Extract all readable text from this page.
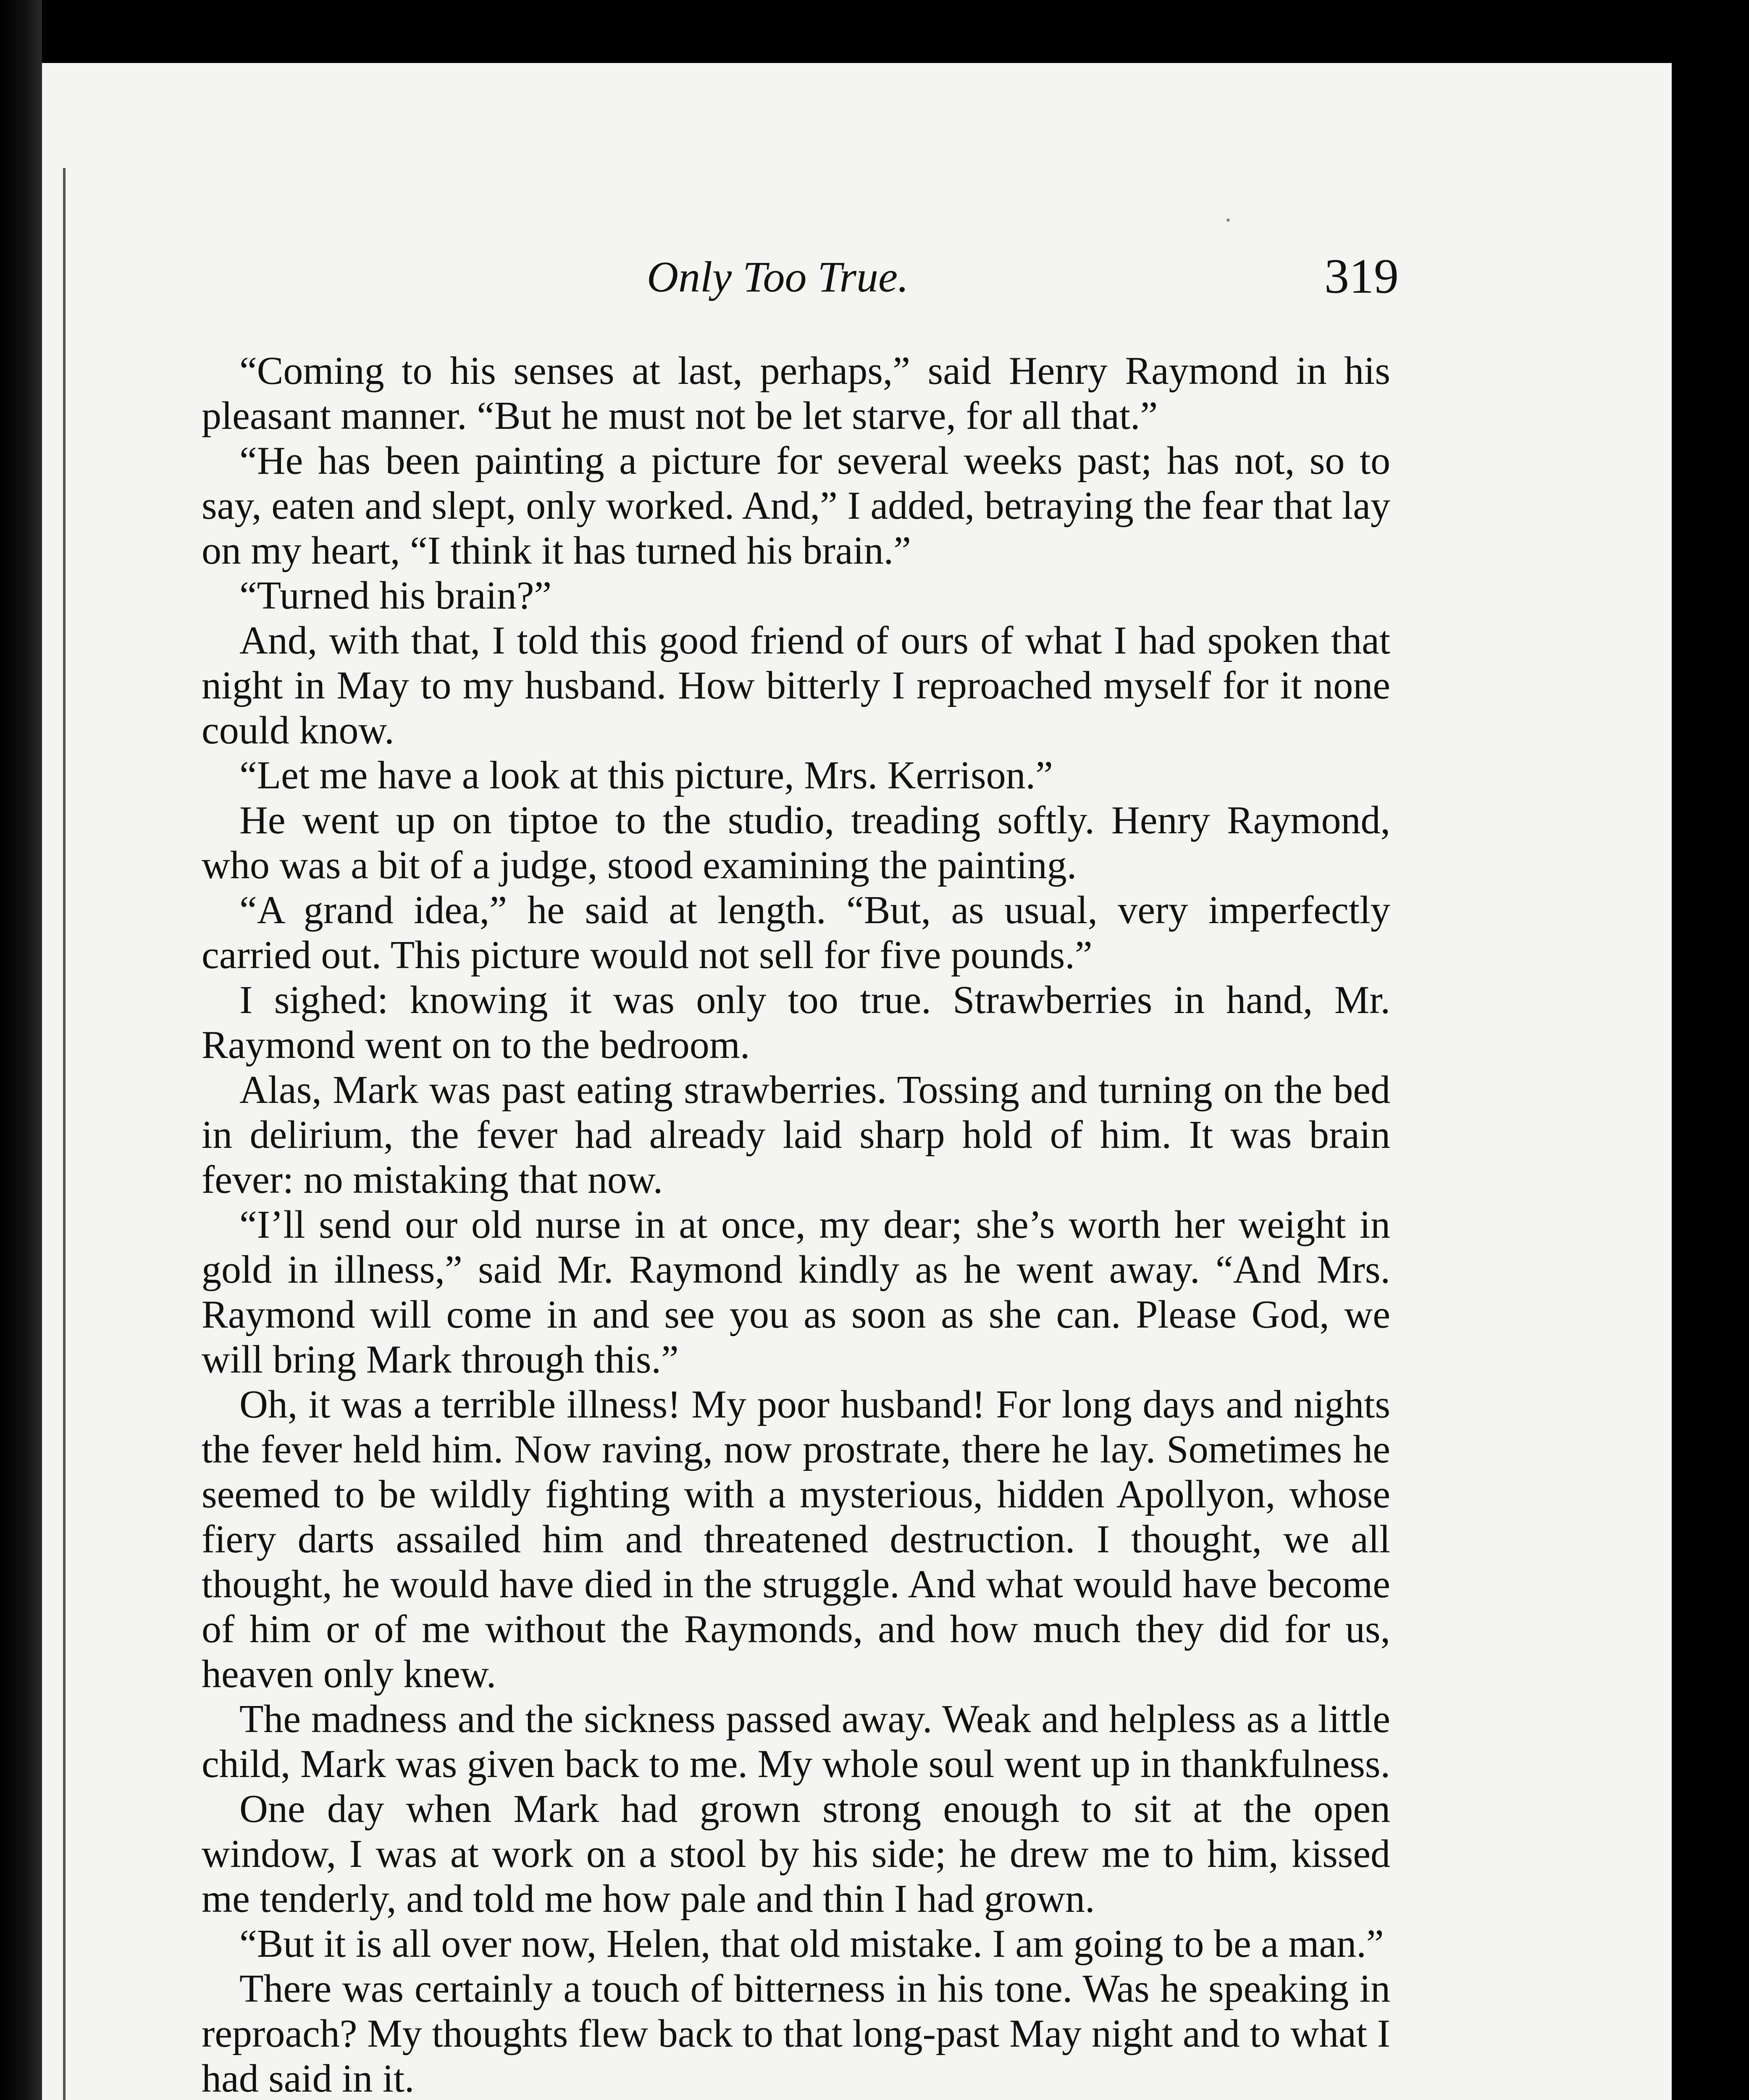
Only Too True.	319

“Coming to his senses at last, perhaps,” said Henry Raymond in his pleasant manner. “But he must not be let starve, for all that.”

“He has been painting a picture for several weeks past; has not, so to say, eaten and slept, only worked. And,” I added, betraying the fear that lay on my heart, “I think it has turned his brain.”

“Turned his brain?”

And, with that, I told this good friend of ours of what I had spoken that night in May to my husband. How bitterly I reproached myself for it none could know.

“Let me have a look at this picture, Mrs. Kerrison.”

He went up on tiptoe to the studio, treading softly. Henry Raymond, who was a bit of a judge, stood examining the painting.

“A grand idea,” he said at length. “But, as usual, very imperfectly carried out. This picture would not sell for five pounds.”

I sighed: knowing it was only too true. Strawberries in hand, Mr. Raymond went on to the bedroom.

Alas, Mark was past eating strawberries. Tossing and turning on the bed in delirium, the fever had already laid sharp hold of him. It was brain fever: no mistaking that now.

“I’ll send our old nurse in at once, my dear; she’s worth her weight in gold in illness,” said Mr. Raymond kindly as he went away. “And Mrs. Raymond will come in and see you as soon as she can. Please God, we will bring Mark through this.”

Oh, it was a terrible illness! My poor husband! For long days and nights the fever held him. Now raving, now prostrate, there he lay. Sometimes he seemed to be wildly fighting with a mysterious, hidden Apollyon, whose fiery darts assailed him and threatened destruction. I thought, we all thought, he would have died in the struggle. And what would have become of him or of me without the Raymonds, and how much they did for us, heaven only knew.

The madness and the sickness passed away. Weak and helpless as a little child, Mark was given back to me. My whole soul went up in thankfulness.

One day when Mark had grown strong enough to sit at the open window, I was at work on a stool by his side; he drew me to him, kissed me tenderly, and told me how pale and thin I had grown.

“But it is all over now, Helen, that old mistake. I am going to be a man.”

There was certainly a touch of bitterness in his tone. Was he speaking in reproach? My thoughts flew back to that long-past May night and to what I had said in it.
